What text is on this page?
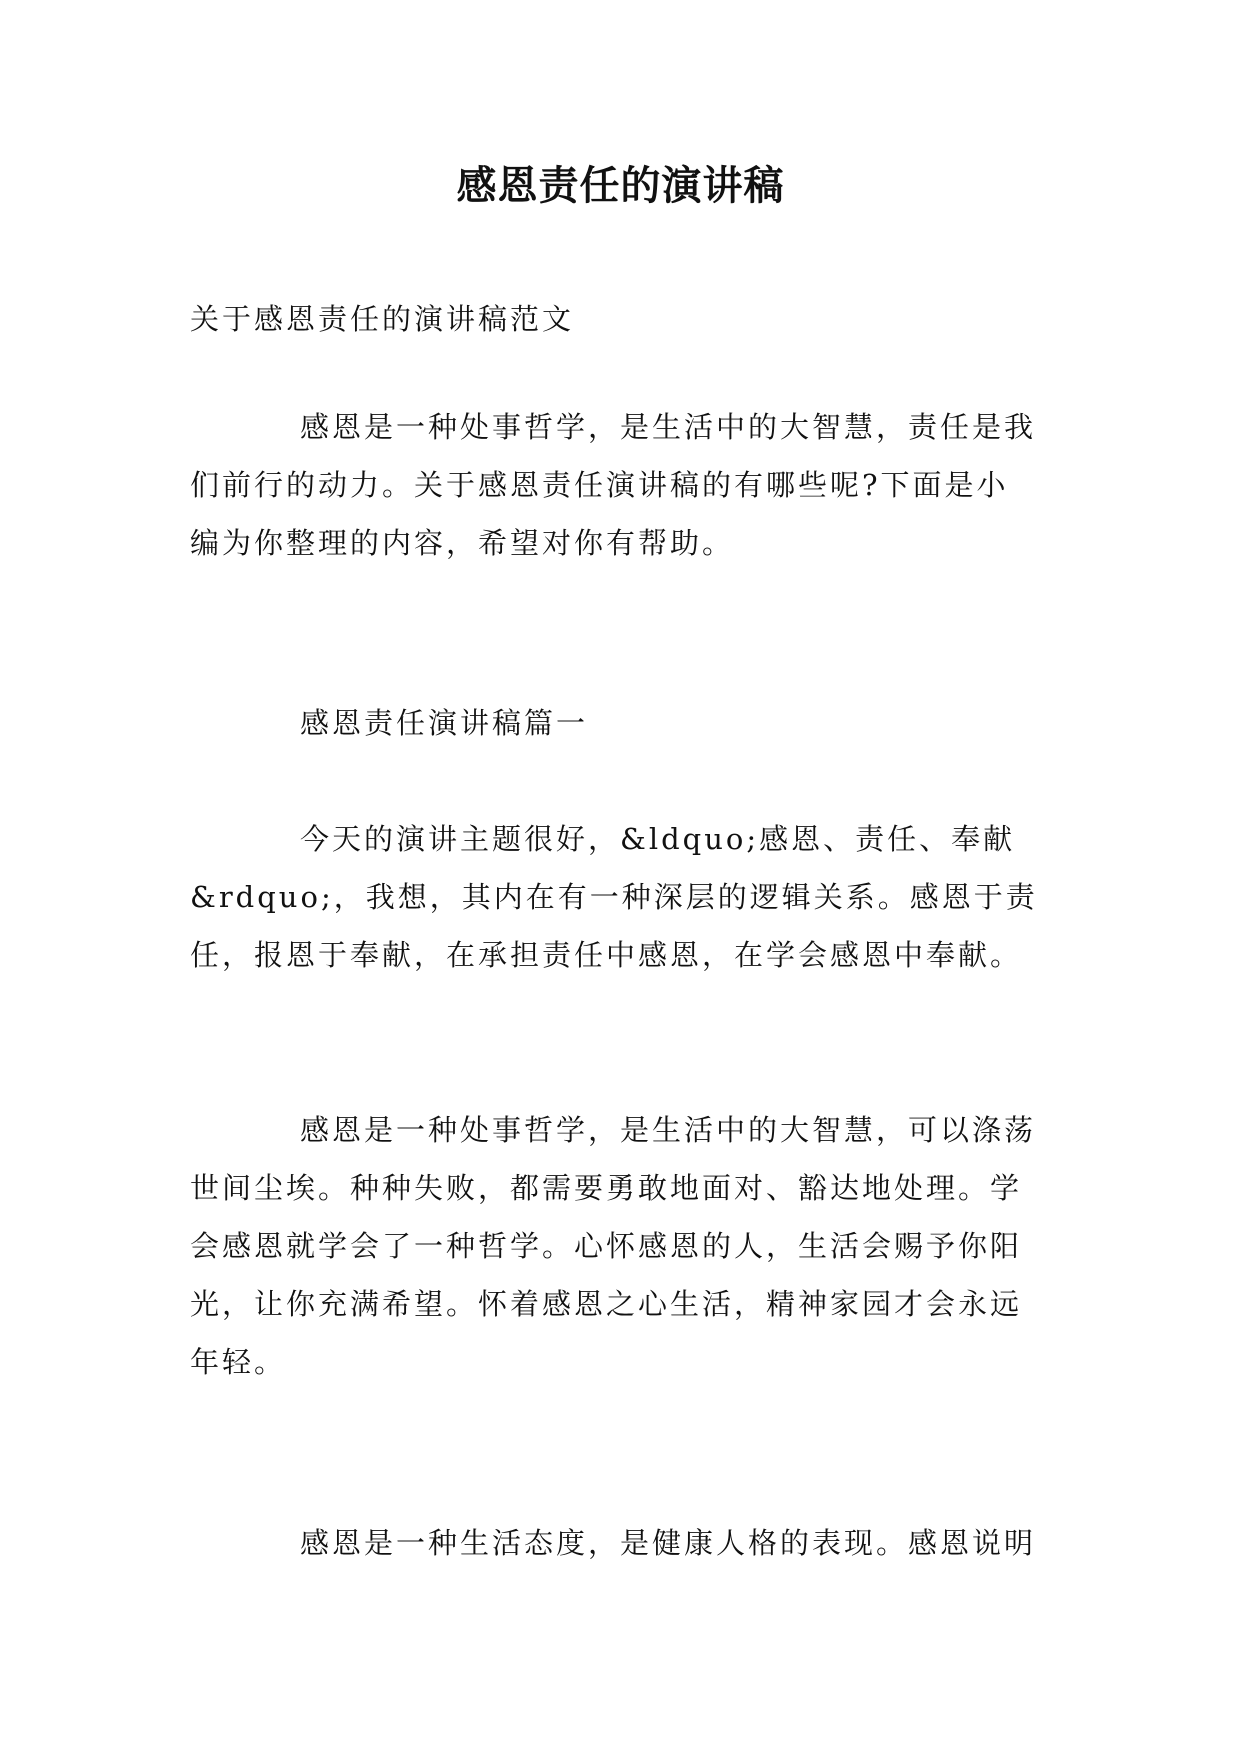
感恩责任的演讲稿
关于感恩责任的演讲稿范文
感恩是一种处事哲学，是生活中的大智慧，责任是我
们前行的动力。关于感恩责任演讲稿的有哪些呢?下面是小
编为你整理的内容，希望对你有帮助。
感恩责任演讲稿篇一
今天的演讲主题很好，&ldquo;感恩、责任、奉献
&rdquo;，我想，其内在有一种深层的逻辑关系。感恩于责
任，报恩于奉献，在承担责任中感恩，在学会感恩中奉献。
感恩是一种处事哲学，是生活中的大智慧，可以涤荡
世间尘埃。种种失败，都需要勇敢地面对、豁达地处理。学
会感恩就学会了一种哲学。心怀感恩的人，生活会赐予你阳
光，让你充满希望。怀着感恩之心生活，精神家园才会永远
年轻。
感恩是一种生活态度，是健康人格的表现。感恩说明
